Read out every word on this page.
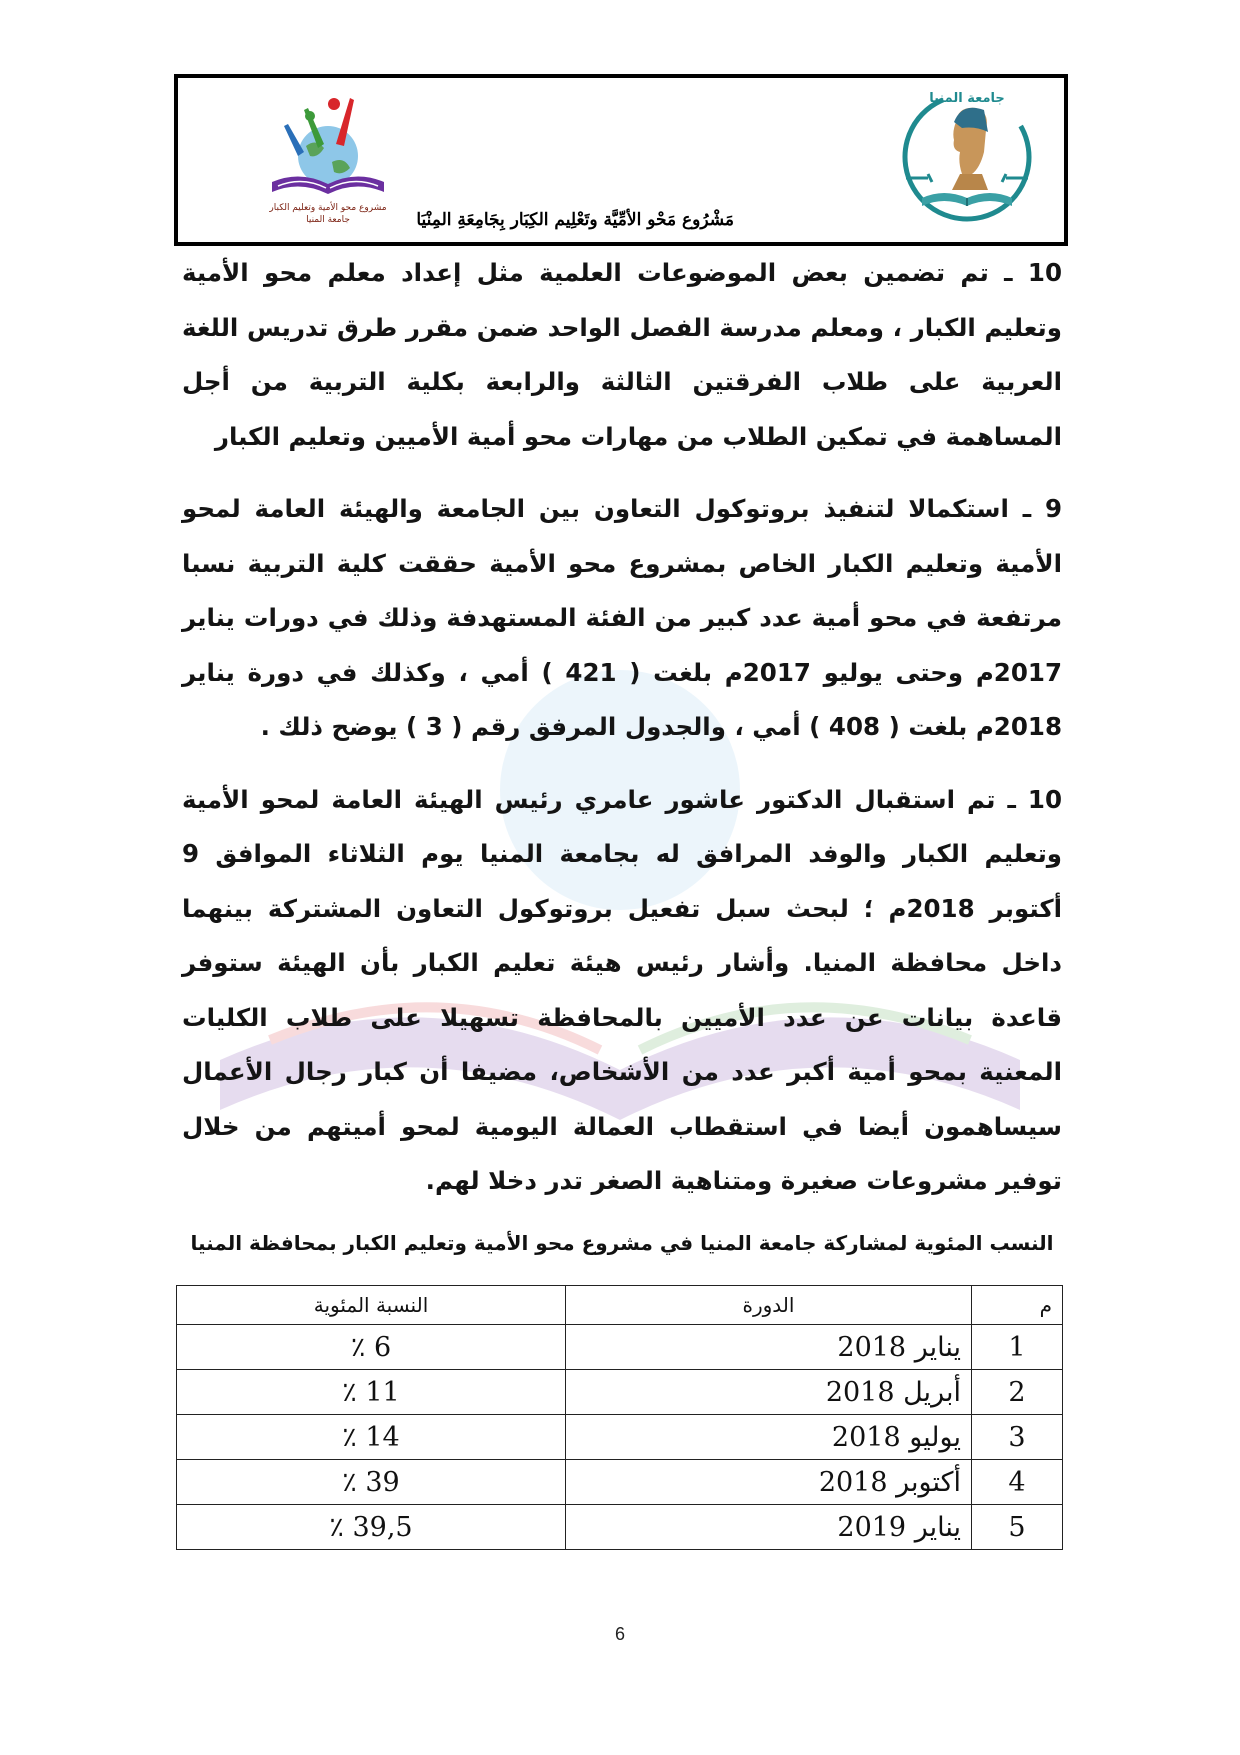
جامعة المنيا
مشروع محو الأمية وتعليم الكبار
جامعة المنيا	مَشْرُوع مَحْو الأمِّيَّة وتَعْلِيم الكِبَار بِجَامِعَةِ المِنْيَا

10 ـ تم تضمين بعض الموضوعات العلمية مثل إعداد معلم محو الأمية وتعليم الكبار ، ومعلم مدرسة الفصل الواحد ضمن مقرر طرق تدريس اللغة العربية على طلاب الفرقتين الثالثة والرابعة بكلية التربية من أجل المساهمة في تمكين الطلاب من مهارات محو أمية الأميين وتعليم الكبار

9 ـ استكمالا لتنفيذ بروتوكول التعاون بين الجامعة والهيئة العامة لمحو الأمية وتعليم الكبار الخاص بمشروع محو الأمية حققت كلية التربية نسبا مرتفعة في محو أمية عدد كبير من الفئة المستهدفة وذلك في دورات يناير 2017م وحتى يوليو 2017م بلغت ( 421 ) أمي ، وكذلك في دورة يناير 2018م بلغت ( 408 ) أمي ، والجدول المرفق رقم ( 3 ) يوضح ذلك .

10 ـ تم استقبال الدكتور عاشور عامري رئيس الهيئة العامة لمحو الأمية وتعليم الكبار والوفد المرافق له بجامعة المنيا يوم الثلاثاء الموافق 9 أكتوبر 2018م ؛ لبحث سبل تفعيل بروتوكول التعاون المشتركة بينهما داخل محافظة المنيا. وأشار رئيس هيئة تعليم الكبار بأن الهيئة ستوفر قاعدة بيانات عن عدد الأميين بالمحافظة تسهيلا على طلاب الكليات المعنية بمحو أمية أكبر عدد من الأشخاص، مضيفا أن كبار رجال الأعمال سيساهمون أيضا في استقطاب العمالة اليومية لمحو أميتهم من خلال توفير مشروعات صغيرة ومتناهية الصغر تدر دخلا لهم.

النسب المئوية لمشاركة جامعة المنيا في مشروع محو الأمية وتعليم الكبار بمحافظة المنيا
م	الدورة	النسبة المئوية
1	يناير 2018	6 ٪
2	أبريل 2018	11 ٪
3	يوليو 2018	14 ٪
4	أكتوبر 2018	39 ٪
5	يناير 2019	39,5 ٪
6
